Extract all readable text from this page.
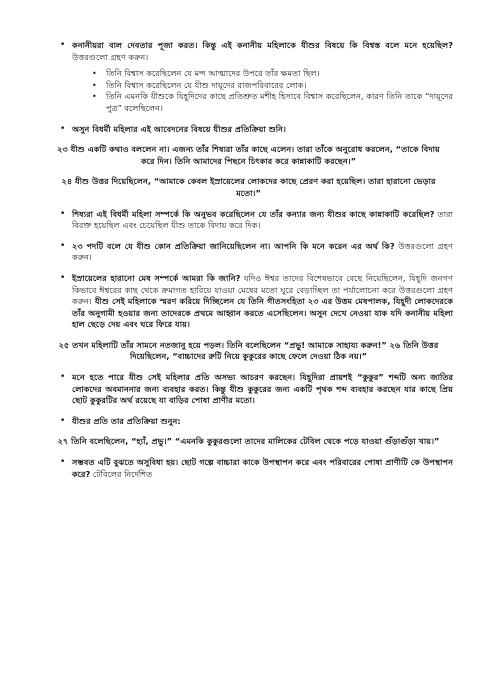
• কনানীয়রা বাল দেবতার পূজা করত। কিন্তু এই কনানীয় মহিলাকে যীশুর বিষয়ে কি বিশ্বস্ত বলে মনে হয়েছিল? উত্তরগুলো গ্রহণ করুন।
•	তিনি বিশ্বাস করেছিলেন যে মন্দ আত্মাদের উপরে তাঁর ক্ষমতা ছিল।
•	তিনি বিশ্বাস করেছিলেন যে যীশু দায়ূদের রাজপরিবারের লোক।
•	তিনি এমনকি যীশুকে যিহূদিদের কাছে প্রতিশ্রুত মশীহ হিসাবে বিশ্বাস করেছিলেন, কারণ তিনি তাকে “দায়ূদের পুত্র” বলেছিলেন।
• অসুন বিধর্মী মহিলার এই আবেদনের বিষয়ে যীশুর প্রতিক্রিয়া শুনি।
২৩ যীশু একটি কথাও বললেন না। এজন্য তাঁর শিষ্যরা তাঁর কাছে এলেন। তারা তাঁকে অনুরোধ করলেন, “তাকে বিদায় করে দিন। তিনি আমাদের পিছনে চিৎকার করে কান্নাকাটি করছেন।”
২৪ যীশু উত্তর দিয়েছিলেন, “আমাকে কেবল ইস্রায়েলের লোকদের কাছে প্রেরণ করা হয়েছিল। তারা হারানো ভেড়ার মতো।”
• শিষ্যরা এই বিধর্মী মহিলা সম্পর্কে কি অনুভব করেছিলেন যে তাঁর কন্যার জন্য যীশুর কাছে কান্নাকাটি করেছিল? তারা বিরক্ত হয়েছিল এবং চেয়েছিল যীশু তাকে বিদায় করে দিক।
• ২৩ পদটি বলে যে যীশু কোন প্রতিক্রিয়া জানিয়েছিলেন না। আপনি কি মনে করেন এর অর্থ কি? উত্তরগুলো গ্রহণ করুন।
• ইস্রায়েলের হারানো মেষ সম্পর্কে আমরা কি জানি? যদিও ঈশ্বর তাদের বিশেষভাবে বেছে নিয়েছিলেন, যিহূদি জনগণ কিভাবে ঈশ্বরের কাছ থেকে ক্রমাগত হারিয়ে যাওয়া মেষের মতো ঘুরে বেড়াচ্ছিল তা পর্যালোচনা করে উত্তরগুলো গ্রহণ করুন। যীশু সেই মহিলাকে স্মরণ করিয়ে দিচ্ছিলেন যে তিনি গীতসংহিতা ২৩ এর উত্তম মেষপালক, যিহূদী লোকদেরকে তাঁর অনুগামী হওয়ার জন্য তাদেরকে প্রথমে আহ্বান করতে এসেছিলেন। অসুন দেখে নেওয়া যাক যদি কনানীয় মহিলা হাল ছেড়ে দেয় এবং ঘরে ফিরে যায়।
২৫ তখন মহিলাটি তাঁর সামনে নতজানু হয়ে পড়ল। তিনি বলেছিলেন “প্রভু! আমাকে সাহায্য করুন!” ২৬ তিনি উত্তর দিয়েছিলেন, “বাচ্চাদের রুটি নিয়ে কুকুরের কাছে ফেলে দেওয়া ঠিক নয়।”
• মনে হতে পারে যীশু সেই মহিলার প্রতি অসভ্য আচরণ করছেন। যিহূদিরা প্রায়শই “কুকুর” শব্দটি অন্য জাতির লোকদের অবমাননার জন্য ব্যবহার করত। কিন্তু যীশু কুকুরের জন্য একটি পৃথক শব্দ ব্যবহার করছেন যার কাছে প্রিয় ছোট কুকুরটির অর্থ রয়েছে যা বাড়ির পোষা প্রাণীর মতো।
• যীশুর প্রতি তার প্রতিক্রিয়া শুনুন:
২৭ তিনি বলেছিলেন, “হ্যাঁ, প্রভু।” “এমনকি কুকুরগুলো তাদের মালিকের টেবিল থেকে পড়ে যাওয়া গুঁড়াগুঁড়া খায়।”
• সম্ভবত এটি বুঝতে অসুবিধা হয়। ছোট গল্পে বাচ্চারা কাকে উপস্থাপন করে এবং পরিবারের পোষা প্রাণীটি কে উপস্থাপন করে? টেবিলের নির্দেশিত
